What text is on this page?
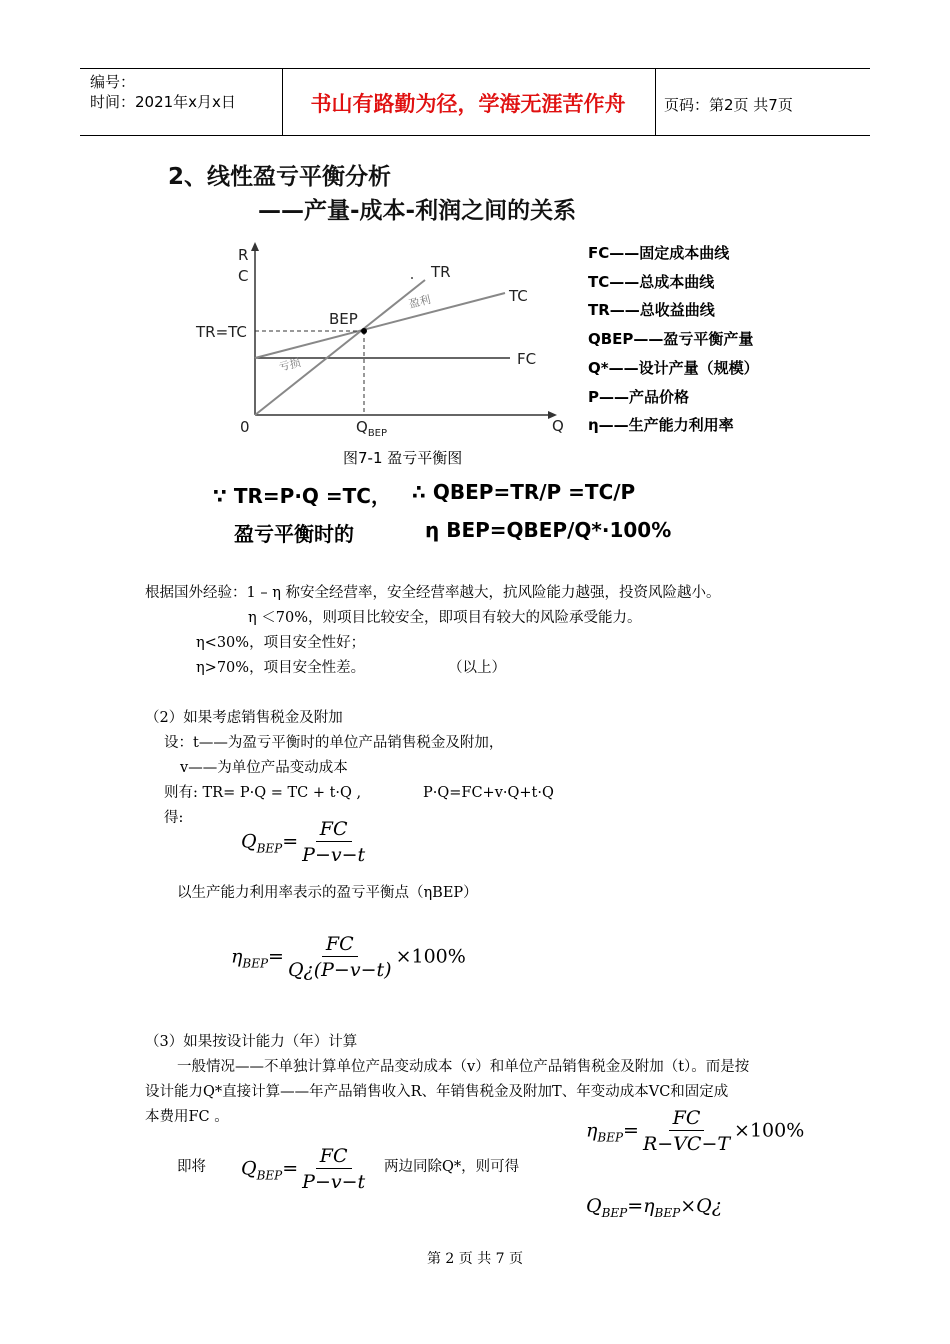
编号：
时间：2021年x月x日	书山有路勤为径，学海无涯苦作舟	页码：第2页 共7页
2、线性盈亏平衡分析
——产量-成本-利润之间的关系
R
C
TR=TC
0	Q
$Q_{BEP}$
BEP
TR
TC
FC
盈利
亏损
图7-1 盈亏平衡图
FC——固定成本曲线
TC——总成本曲线
TR——总收益曲线
QBEP——盈亏平衡产量
Q*——设计产量（规模）
P——产品价格
η——生产能力利用率
∵ TR=P·Q =TC， ∴ QBEP=TR/P =TC/P
盈亏平衡时的	η BEP=QBEP/Q*·100%
根据国外经验：1 – η 称安全经营率，安全经营率越大，抗风险能力越强，投资风险越小。
η ＜70%，则项目比较安全，即项目有较大的风险承受能力。
η<30%，项目安全性好；
η>70%，项目安全性差。	（以上）
（2）如果考虑销售税金及附加
设：t——为盈亏平衡时的单位产品销售税金及附加，
v——为单位产品变动成本
则有: TR= P·Q = TC + t·Q ,	P·Q=FC+v·Q+t·Q
得:
$Q_{BEP}= \frac{FC}{P-v-t}$
以生产能力利用率表示的盈亏平衡点（ηBEP）
$\eta_{BEP}= \frac{FC}{Q¿(P-v-t)} \times 100\%$
（3）如果按设计能力（年）计算
一般情况——不单独计算单位产品变动成本（v）和单位产品销售税金及附加（t）。而是按
设计能力Q*直接计算——年产品销售收入R、年销售税金及附加T、年变动成本VC和固定成
本费用FC 。
$\eta_{BEP}= \frac{FC}{R-VC-T} \times 100\%$
即将 $Q_{BEP}= \frac{FC}{P-v-t}$ 两边同除Q*，则可得
$Q_{BEP}=\eta_{BEP}\times Q¿$
第 2 页 共 7 页
